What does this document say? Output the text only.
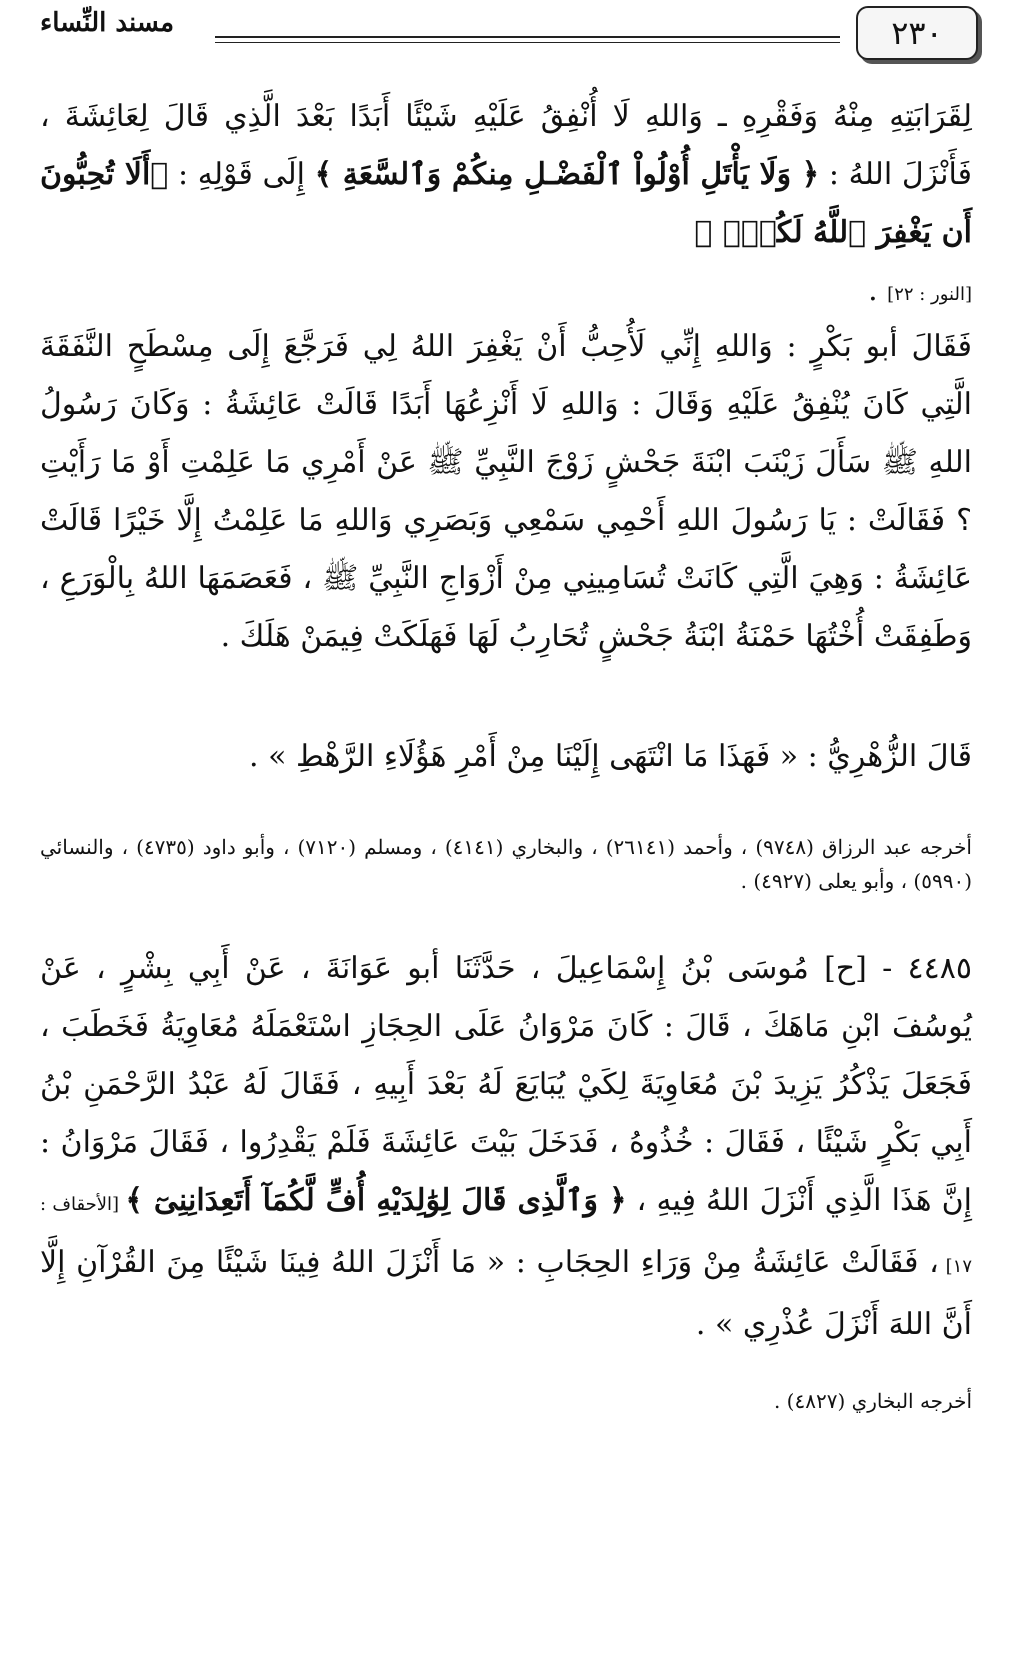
٢٣٠
مسند النِّساء
لِقَرَابَتِهِ مِنْهُ وَفَقْرِهِ ـ وَاللهِ لَا أُنْفِقُ عَلَيْهِ شَيْئًا أَبَدًا بَعْدَ الَّذِي قَالَ لِعَائِشَةَ ، فَأَنْزَلَ اللهُ : ﴿ وَلَا يَأْتَلِ أُوْلُواْ ٱلْفَضْـلِ مِنكُمْ وَٱلسَّعَةِ ﴾ إِلَى قَوْلِهِ : ﴿أَلَا تُحِبُّونَ أَن يَغْفِرَ ٱللَّهُ لَكُمْۗ ﴾
[النور : ٢٢] .
فَقَالَ أبو بَكْرٍ : وَاللهِ إِنِّي لَأُحِبُّ أَنْ يَغْفِرَ اللهُ لِي فَرَجَّعَ إِلَى مِسْطَحٍ النَّفَقَةَ الَّتِي كَانَ يُنْفِقُ عَلَيْهِ وَقَالَ : وَاللهِ لَا أَنْزِعُهَا أَبَدًا قَالَتْ عَائِشَةُ : وَكَانَ رَسُولُ اللهِ ﷺ سَأَلَ زَيْنَبَ ابْنَةَ جَحْشٍ زَوْجَ النَّبِيِّ ﷺ عَنْ أَمْرِي مَا عَلِمْتِ أَوْ مَا رَأَيْتِ ؟ فَقَالَتْ : يَا رَسُولَ اللهِ أَحْمِي سَمْعِي وَبَصَرِي وَاللهِ مَا عَلِمْتُ إِلَّا خَيْرًا قَالَتْ عَائِشَةُ : وَهِيَ الَّتِي كَانَتْ تُسَامِينِي مِنْ أَزْوَاجِ النَّبِيِّ ﷺ ، فَعَصَمَهَا اللهُ بِالْوَرَعِ ، وَطَفِقَتْ أُخْتُهَا حَمْنَةُ ابْنَةُ جَحْشٍ تُحَارِبُ لَهَا فَهَلَكَتْ فِيمَنْ هَلَكَ .
قَالَ الزُّهْرِيُّ : « فَهَذَا مَا انْتَهَى إِلَيْنَا مِنْ أَمْرِ هَؤُلَاءِ الرَّهْطِ » .
أخرجه عبد الرزاق (٩٧٤٨) ، وأحمد (٢٦١٤١) ، والبخاري (٤١٤١) ، ومسلم (٧١٢٠) ، وأبو داود (٤٧٣٥) ، والنسائي (٥٩٩٠) ، وأبو يعلى (٤٩٢٧) .
٤٤٨٥ - [ح] مُوسَى بْنُ إِسْمَاعِيلَ ، حَدَّثَنَا أبو عَوَانَةَ ، عَنْ أَبِي بِشْرٍ ، عَنْ يُوسُفَ ابْنِ مَاهَكَ ، قَالَ : كَانَ مَرْوَانُ عَلَى الحِجَازِ اسْتَعْمَلَهُ مُعَاوِيَةُ فَخَطَبَ ، فَجَعَلَ يَذْكُرُ يَزِيدَ بْنَ مُعَاوِيَةَ لِكَيْ يُبَايَعَ لَهُ بَعْدَ أَبِيهِ ، فَقَالَ لَهُ عَبْدُ الرَّحْمَنِ بْنُ أَبِي بَكْرٍ شَيْئًا ، فَقَالَ : خُذُوهُ ، فَدَخَلَ بَيْتَ عَائِشَةَ فَلَمْ يَقْدِرُوا ، فَقَالَ مَرْوَانُ : إِنَّ هَذَا الَّذِي أَنْزَلَ اللهُ فِيهِ ، ﴿ وَٱلَّذِى قَالَ لِوَٰلِدَيْهِ أُفٍّ لَّكُمَآ أَتَعِدَانِنِىٓ ﴾ [الأحقاف : ١٧] ، فَقَالَتْ عَائِشَةُ مِنْ وَرَاءِ الحِجَابِ : « مَا أَنْزَلَ اللهُ فِينَا شَيْئًا مِنَ القُرْآنِ إِلَّا أَنَّ اللهَ أَنْزَلَ عُذْرِي » .
أخرجه البخاري (٤٨٢٧) .
